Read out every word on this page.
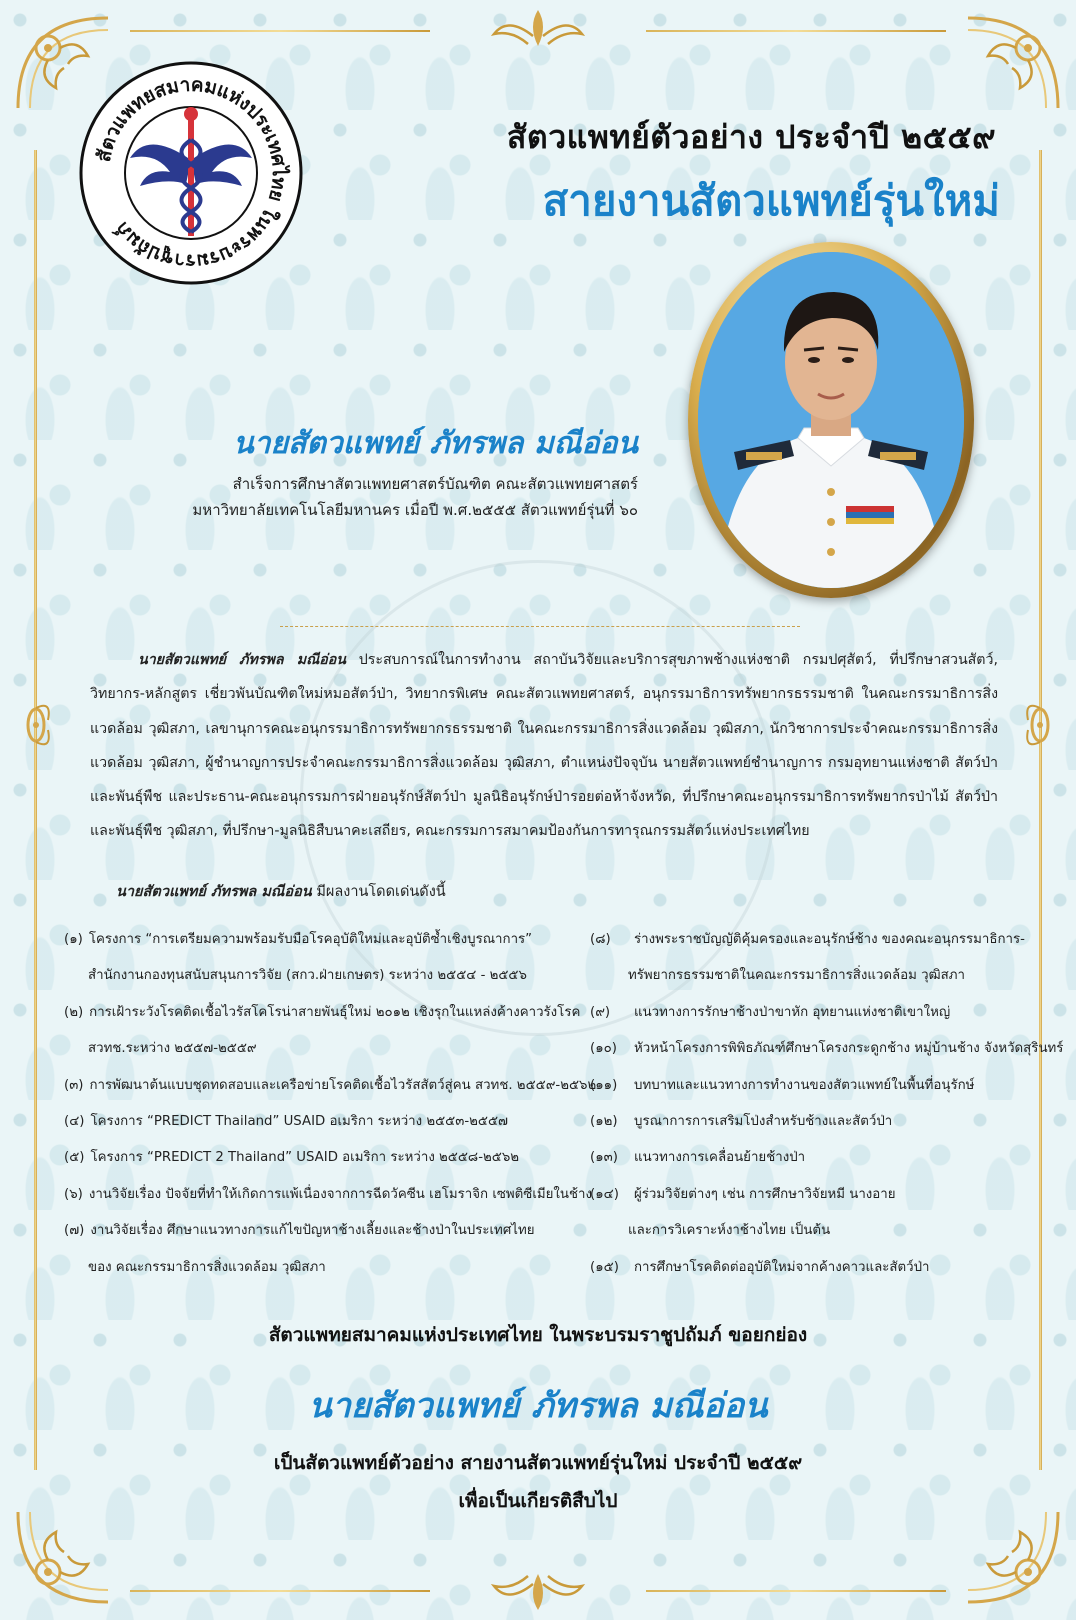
สัตวแพทยสมาคมแห่งประเทศไทย ในพระบรมราชูปถัมภ์
สัตวแพทย์ตัวอย่าง ประจำปี ๒๕๕๙
สายงานสัตวแพทย์รุ่นใหม่
นายสัตวแพทย์ ภัทรพล มณีอ่อน

สำเร็จการศึกษาสัตวแพทยศาสตร์บัณฑิต คณะสัตวแพทยศาสตร์

มหาวิทยาลัยเทคโนโลยีมหานคร เมื่อปี พ.ศ.๒๕๕๕ สัตวแพทย์รุ่นที่ ๖๐

นายสัตวแพทย์ ภัทรพล มณีอ่อน ประสบการณ์ในการทำงาน สถาบันวิจัยและบริการสุขภาพช้างแห่งชาติ กรมปศุสัตว์, ที่ปรึกษาสวนสัตว์, วิทยากร-หลักสูตร เชี่ยวพันบัณฑิตใหม่หมอสัตว์ป่า, วิทยากรพิเศษ คณะสัตวแพทยศาสตร์, อนุกรรมาธิการทรัพยากรธรรมชาติ ในคณะกรรมาธิการสิ่งแวดล้อม วุฒิสภา, เลขานุการคณะอนุกรรมาธิการทรัพยากรธรรมชาติ ในคณะกรรมาธิการสิ่งแวดล้อม วุฒิสภา, นักวิชาการประจำคณะกรรมาธิการสิ่งแวดล้อม วุฒิสภา, ผู้ชำนาญการประจำคณะกรรมาธิการสิ่งแวดล้อม วุฒิสภา, ตำแหน่งปัจจุบัน นายสัตวแพทย์ชำนาญการ กรมอุทยานแห่งชาติ สัตว์ป่า และพันธุ์พืช และประธาน-คณะอนุกรรมการฝ่ายอนุรักษ์สัตว์ป่า มูลนิธิอนุรักษ์ป่ารอยต่อห้าจังหวัด, ที่ปรึกษาคณะอนุกรรมาธิการทรัพยากรป่าไม้ สัตว์ป่า และพันธุ์พืช วุฒิสภา, ที่ปรึกษา-มูลนิธิสืบนาคะเสถียร, คณะกรรมการสมาคมป้องกันการทารุณกรรมสัตว์แห่งประเทศไทย

นายสัตวแพทย์ ภัทรพล มณีอ่อน มีผลงานโดดเด่นดังนี้

(๑) โครงการ “การเตรียมความพร้อมรับมือโรคอุบัติใหม่และอุบัติซ้ำเชิงบูรณาการ”
สำนักงานกองทุนสนับสนุนการวิจัย (สกว.ฝ่ายเกษตร) ระหว่าง ๒๕๕๔ - ๒๕๕๖
(๒) การเฝ้าระวังโรคติดเชื้อไวรัสโคโรน่าสายพันธุ์ใหม่ ๒๐๑๒ เชิงรุกในแหล่งค้างคาวรังโรค
สวทช.ระหว่าง ๒๕๕๗-๒๕๕๙
(๓) การพัฒนาต้นแบบชุดทดสอบและเครือข่ายโรคติดเชื้อไวรัสสัตว์สู่คน สวทช. ๒๕๕๙-๒๕๖๒
(๔) โครงการ “PREDICT Thailand” USAID อเมริกา ระหว่าง ๒๕๕๓-๒๕๕๗
(๕) โครงการ “PREDICT 2 Thailand” USAID อเมริกา ระหว่าง ๒๕๕๘-๒๕๖๒
(๖) งานวิจัยเรื่อง ปัจจัยที่ทำให้เกิดการแพ้เนื่องจากการฉีดวัคซีน เฮโมราจิก เซพติซีเมียในช้าง
(๗) งานวิจัยเรื่อง ศึกษาแนวทางการแก้ไขปัญหาช้างเลี้ยงและช้างป่าในประเทศไทย
ของ คณะกรรมาธิการสิ่งแวดล้อม วุฒิสภา
(๘)	ร่างพระราชบัญญัติคุ้มครองและอนุรักษ์ช้าง ของคณะอนุกรรมาธิการ-
ทรัพยากรธรรมชาติในคณะกรรมาธิการสิ่งแวดล้อม วุฒิสภา
(๙)	แนวทางการรักษาช้างป่าขาหัก อุทยานแห่งชาติเขาใหญ่
(๑๐)	หัวหน้าโครงการพิพิธภัณฑ์ศึกษาโครงกระดูกช้าง หมู่บ้านช้าง จังหวัดสุรินทร์
(๑๑)	บทบาทและแนวทางการทำงานของสัตวแพทย์ในพื้นที่อนุรักษ์
(๑๒)	บูรณาการการเสริมโป่งสำหรับช้างและสัตว์ป่า
(๑๓)	แนวทางการเคลื่อนย้ายช้างป่า
(๑๔)	ผู้ร่วมวิจัยต่างๆ เช่น การศึกษาวิจัยหมี นางอาย
และการวิเคราะห์งาช้างไทย เป็นต้น
(๑๕)	การศึกษาโรคติดต่ออุบัติใหม่จากค้างคาวและสัตว์ป่า

สัตวแพทยสมาคมแห่งประเทศไทย ในพระบรมราชูปถัมภ์ ขอยกย่อง

นายสัตวแพทย์ ภัทรพล มณีอ่อน

เป็นสัตวแพทย์ตัวอย่าง สายงานสัตวแพทย์รุ่นใหม่ ประจำปี ๒๕๕๙

เพื่อเป็นเกียรติสืบไป
